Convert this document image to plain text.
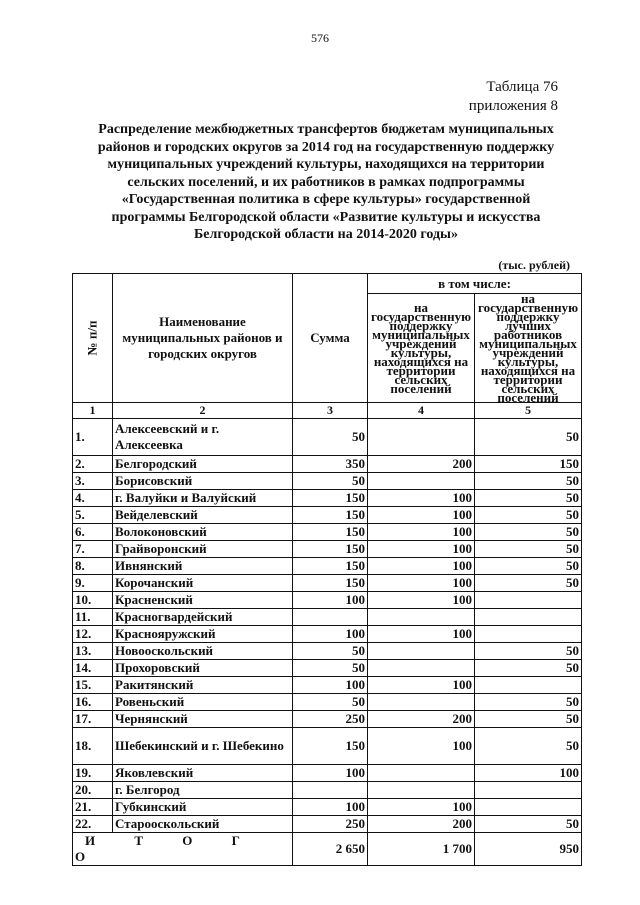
576
Таблица 76
приложения 8
Распределение межбюджетных трансфертов бюджетам муниципальных районов и городских округов за 2014 год на государственную поддержку муниципальных учреждений культуры, находящихся на территории сельских поселений, и их работников в рамках подпрограммы «Государственная политика в сфере культуры» государственной программы Белгородской области «Развитие культуры и искусства Белгородской области на 2014-2020 годы»
(тыс. рублей)
№ п/п	Наименование муниципальных районов и городских округов	Сумма	в том числе:	
			на государственную поддержку муниципальных учреждений культуры, находящихся на территории сельских поселений	на государственную поддержку лучших работников муниципальных учреждений культуры, находящихся на территории сельских поселений
1	2	3	4	5
1.	Алексеевский и г. Алексеевка	50		50
2.	Белгородский	350	200	150
3.	Борисовский	50		50
4.	г. Валуйки и Валуйский	150	100	50
5.	Вейделевский	150	100	50
6.	Волоконовский	150	100	50
7.	Грайворонский	150	100	50
8.	Ивнянский	150	100	50
9.	Корочанский	150	100	50
10.	Красненский	100	100	
11.	Красногвардейский			
12.	Краснояружский	100	100	
13.	Новооскольский	50		50
14.	Прохоровский	50		50
15.	Ракитянский	100	100	
16.	Ровеньский	50		50
17.	Чернянский	250	200	50
18.	Шебекинский и г. Шебекино	150	100	50
19.	Яковлевский	100		100
20.	г. Белгород			
21.	Губкинский	100	100	
22.	Старооскольский	250	200	50
И Т О Г О		2 650	1 700	950
